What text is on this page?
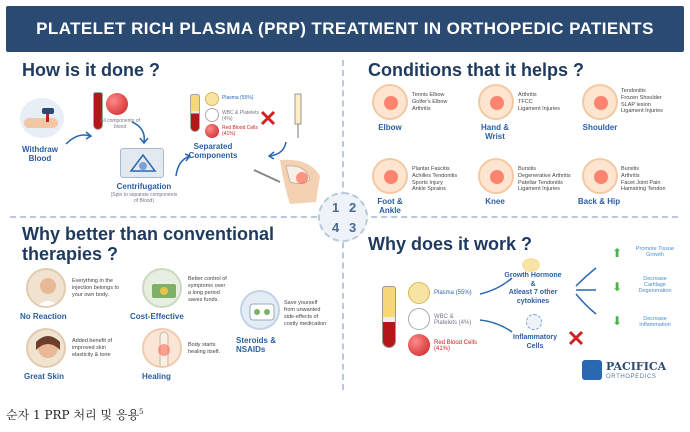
PLATELET RICH PLASMA (PRP) TREATMENT IN ORTHOPEDIC PATIENTS
1 2
4 3
How is it done ?
Withdraw Blood
All components of blood
Centrifugation
(Spin to separate components of Blood)
Plasma (55%)
WBC & Platelets (4%)
Red Blood Cells (41%)
Separated Components
Conditions that it helps ?
Elbow
Tennis Elbow
Golfer's Elbow
Arthritis
Hand & Wrist
Arthritis
TFCC
Ligament Injuries
Shoulder
Tendonitis
Frozen Shoulder
SLAP lesion
Ligament Injuries
Foot & Ankle
Plantar Fascitis
Achilles Tendonitis
Sports Injury
Ankle Sprains
Knee
Bursitis
Degenerative Arthritis
Patellar Tendonitis
Ligament Injuries
Back & Hip
Bursitis
Arthritis
Facet Joint Pain
Hamstring Tendon
Why better than conventional
therapies ?
No Reaction
Everything in the
injection belongs to
your own body.
Cost-Effective
Better control of
symptoms over
a long period
saves funds.
Steroids & NSAIDs
Save yourself
from unwanted
side-effects of
costly medication
Great Skin
Added benefit of
improved skin
elasticity & tone
Healing
Body starts
healing itself.
Why does it work ?
Plasma (55%)
WBC & Platelets (4%)
Red Blood Cells (41%)
Growth Hormone
&
Atleast 7 other
cytokines
Inflammatory
Cells
⬆	Promote Tissue
Growth
⬇
Decrease
Cartilage
Degeneration
⬇	Decrease
Inflammation
PACIFICA
ORTHOPEDICS
순자 1 PRP 처리 및 응용$^5$
